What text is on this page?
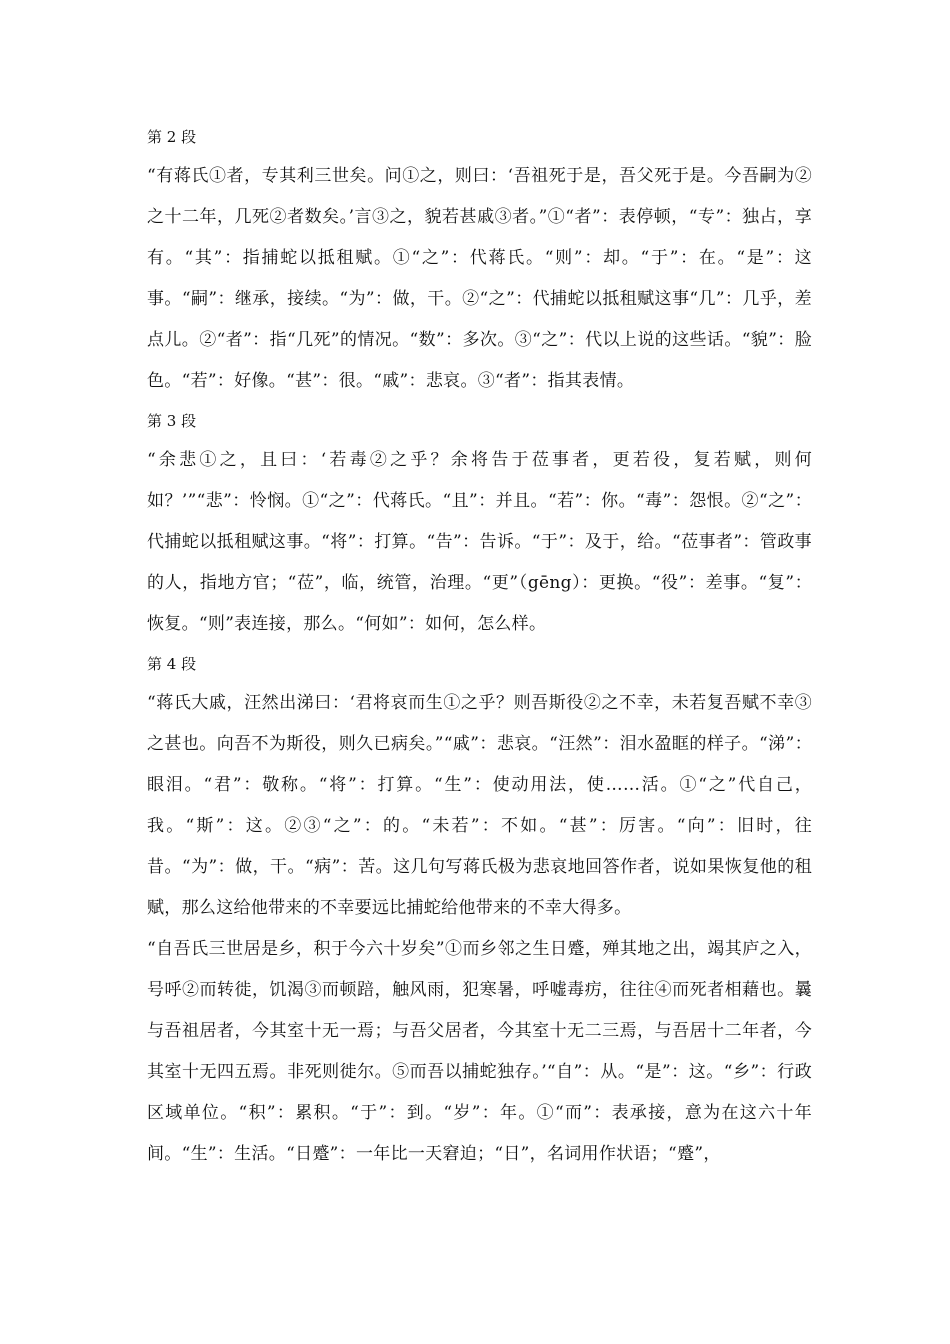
第 2 段
“有蒋氏①者，专其利三世矣。问①之，则曰：‘吾祖死于是，吾父死于是。今吾嗣为②之十二年，几死②者数矣。’言③之，貌若甚戚③者。”①“者”：表停顿，“专”：独占，享有。“其”：指捕蛇以抵租赋。①“之”：代蒋氏。“则”：却。“于”：在。“是”：这事。“嗣”：继承，接续。“为”：做，干。②“之”：代捕蛇以抵租赋这事“几”：几乎，差点儿。②“者”：指“几死”的情况。“数”：多次。③“之”：代以上说的这些话。“貌”：脸色。“若”：好像。“甚”：很。“戚”：悲哀。③“者”：指其表情。
第 3 段
“余悲①之，且曰：‘若毒②之乎？余将告于莅事者，更若役，复若赋，则何如？’”“悲”：怜悯。①“之”：代蒋氏。“且”：并且。“若”：你。“毒”：怨恨。②“之”：代捕蛇以抵租赋这事。“将”：打算。“告”：告诉。“于”：及于，给。“莅事者”：管政事的人，指地方官；“莅”，临，统管，治理。“更”（gēng）：更换。“役”：差事。“复”：恢复。“则”表连接，那么。“何如”：如何，怎么样。
第 4 段
“蒋氏大戚，汪然出涕曰：‘君将哀而生①之乎？则吾斯役②之不幸，未若复吾赋不幸③之甚也。向吾不为斯役，则久已病矣。”“戚”：悲哀。“汪然”：泪水盈眶的样子。“涕”：眼泪。“君”：敬称。“将”：打算。“生”：使动用法，使……活。①“之”代自己，我。“斯”：这。②③“之”：的。“未若”：不如。“甚”：厉害。“向”：旧时，往昔。“为”：做，干。“病”：苦。这几句写蒋氏极为悲哀地回答作者，说如果恢复他的租赋，那么这给他带来的不幸要远比捕蛇给他带来的不幸大得多。
“自吾氏三世居是乡，积于今六十岁矣”①而乡邻之生日蹙，殚其地之出，竭其庐之入，号呼②而转徙，饥渴③而顿踣，触风雨，犯寒暑，呼嘘毒疠，往往④而死者相藉也。曩与吾祖居者，今其室十无一焉；与吾父居者，今其室十无二三焉，与吾居十二年者，今其室十无四五焉。非死则徙尔。⑤而吾以捕蛇独存。’“自”：从。“是”：这。“乡”：行政区域单位。“积”：累积。“于”：到。“岁”：年。①“而”：表承接，意为在这六十年间。“生”：生活。“日蹙”：一年比一天窘迫；“日”，名词用作状语；“蹙”，
